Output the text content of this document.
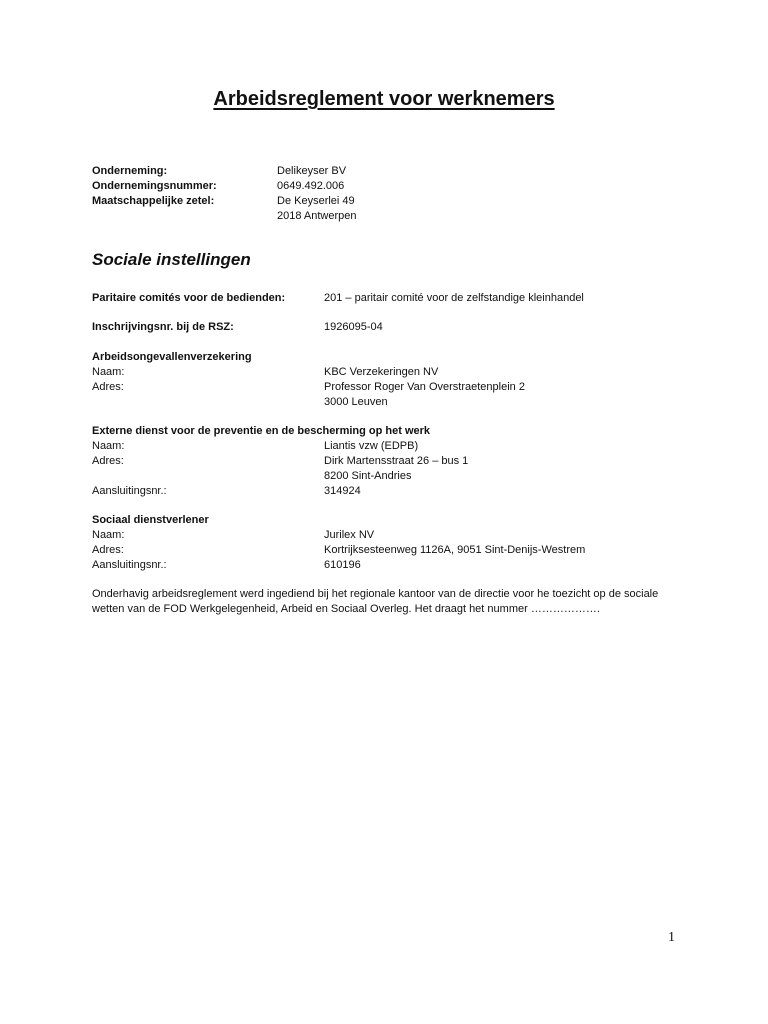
Arbeidsreglement voor werknemers
Onderneming:	Delikeyser BV
Ondernemingsnummer:	0649.492.006
Maatschappelijke zetel:	De Keyserlei 49
2018 Antwerpen
Sociale instellingen
Paritaire comités voor de bedienden:	201 – paritair comité voor de zelfstandige kleinhandel
Inschrijvingsnr. bij de RSZ:	1926095-04
Arbeidsongevallenverzekering
Naam:	KBC Verzekeringen NV
Adres:	Professor Roger Van Overstraetenplein 2
3000 Leuven
Externe dienst voor de preventie en de bescherming op het werk
Naam:	Liantis vzw (EDPB)
Adres:	Dirk Martensstraat 26 – bus 1
8200 Sint-Andries
Aansluitingsnr.:	314924
Sociaal dienstverlener
Naam:	Jurilex NV
Adres:	Kortrijksesteenweg 1126A, 9051 Sint-Denijs-Westrem
Aansluitingsnr.:	610196
Onderhavig arbeidsreglement werd ingediend bij het regionale kantoor van de directie voor he toezicht op de sociale wetten van de FOD Werkgelegenheid, Arbeid en Sociaal Overleg. Het draagt het nummer ……………….
1
